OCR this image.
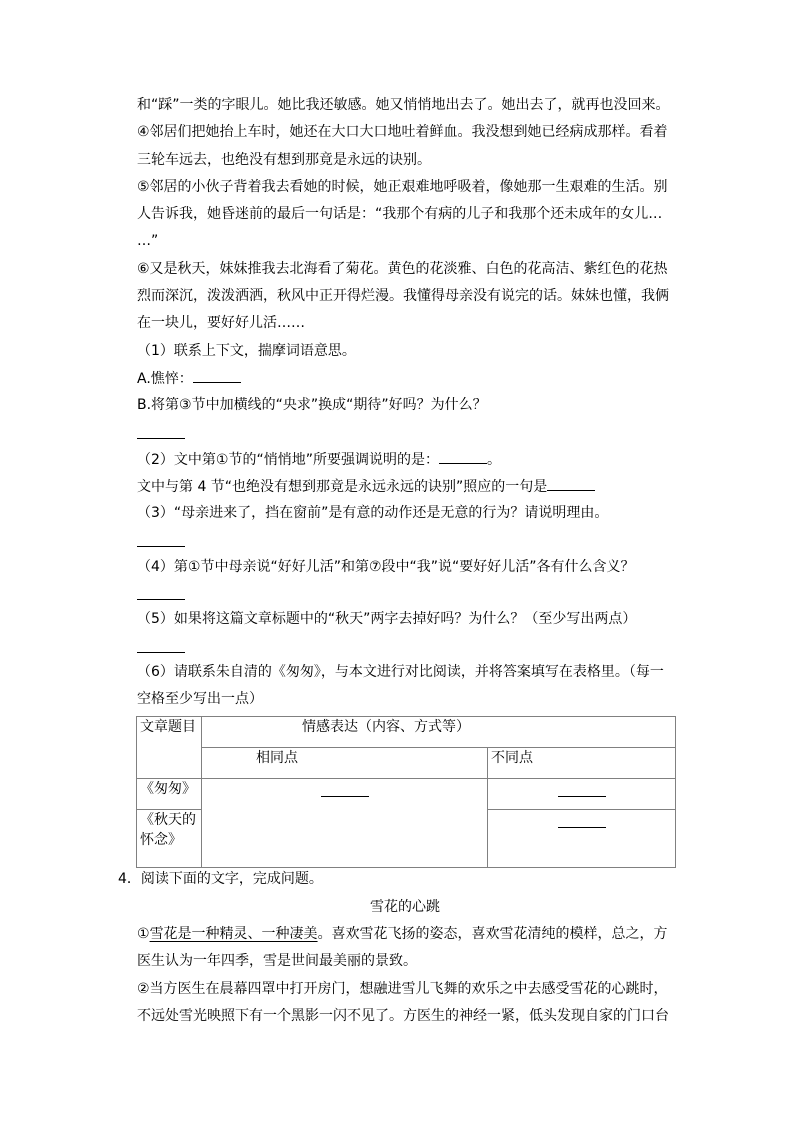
和“踩”一类的字眼儿。她比我还敏感。她又悄悄地出去了。她出去了，就再也没回来。
④邻居们把她抬上车时，她还在大口大口地吐着鲜血。我没想到她已经病成那样。看着
三轮车远去，也绝没有想到那竟是永远的诀别。
⑤邻居的小伙子背着我去看她的时候，她正艰难地呼吸着，像她那一生艰难的生活。别
人告诉我，她昏迷前的最后一句话是：“我那个有病的儿子和我那个还未成年的女儿…
…”
⑥又是秋天，妹妹推我去北海看了菊花。黄色的花淡雅、白色的花高洁、紫红色的花热
烈而深沉，泼泼洒洒，秋风中正开得烂漫。我懂得母亲没有说完的话。妹妹也懂，我俩
在一块儿，要好好儿活……
（1）联系上下文，揣摩词语意思。
A.憔悴：
B.将第③节中加横线的“央求”换成“期待”好吗？为什么？
（2）文中第①节的“悄悄地”所要强调说明的是：	。
文中与第 4 节“也绝没有想到那竟是永远永远的诀别”照应的一句是
（3）“母亲进来了，挡在窗前”是有意的动作还是无意的行为？请说明理由。
（4）第①节中母亲说“好好儿活”和第⑦段中“我”说“要好好儿活”各有什么含义？
（5）如果将这篇文章标题中的“秋天”两字去掉好吗？为什么？（至少写出两点）
（6）请联系朱自清的《匆匆》，与本文进行对比阅读，并将答案填写在表格里。（每一
空格至少写出一点）
文章题目	情感表达（内容、方式等）	
	相同点	不同点
《匆匆》		
《秋天的
怀念》		
4．阅读下面的文字，完成问题。
雪花的心跳
①雪花是一种精灵、一种凄美。喜欢雪花飞扬的姿态，喜欢雪花清纯的模样，总之，方
医生认为一年四季，雪是世间最美丽的景致。
②当方医生在晨幕四罩中打开房门，想融进雪儿飞舞的欢乐之中去感受雪花的心跳时，
不远处雪光映照下有一个黑影一闪不见了。方医生的神经一紧，低头发现自家的门口台
